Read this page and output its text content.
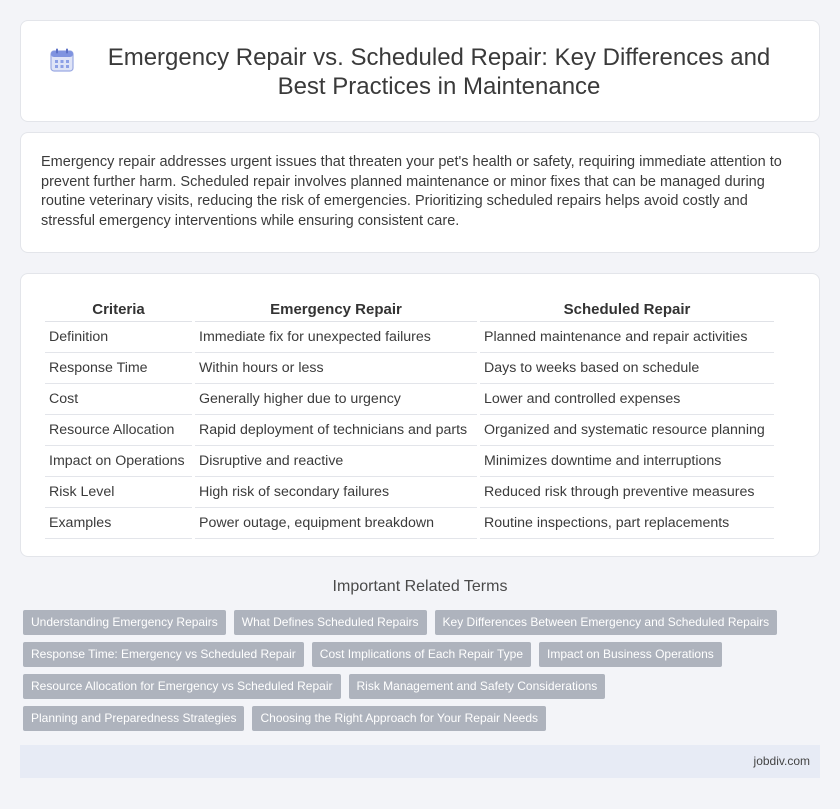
Emergency Repair vs. Scheduled Repair: Key Differences and Best Practices in Maintenance

Emergency repair addresses urgent issues that threaten your pet's health or safety, requiring immediate attention to prevent further harm. Scheduled repair involves planned maintenance or minor fixes that can be managed during routine veterinary visits, reducing the risk of emergencies. Prioritizing scheduled repairs helps avoid costly and stressful emergency interventions while ensuring consistent care.

Criteria	Emergency Repair	Scheduled Repair
Definition	Immediate fix for unexpected failures	Planned maintenance and repair activities
Response Time	Within hours or less	Days to weeks based on schedule
Cost	Generally higher due to urgency	Lower and controlled expenses
Resource Allocation	Rapid deployment of technicians and parts	Organized and systematic resource planning
Impact on Operations	Disruptive and reactive	Minimizes downtime and interruptions
Risk Level	High risk of secondary failures	Reduced risk through preventive measures
Examples	Power outage, equipment breakdown	Routine inspections, part replacements
Important Related Terms
Understanding Emergency Repairs	What Defines Scheduled Repairs	Key Differences Between Emergency and Scheduled Repairs
Response Time: Emergency vs Scheduled Repair	Cost Implications of Each Repair Type	Impact on Business Operations
Resource Allocation for Emergency vs Scheduled Repair	Risk Management and Safety Considerations
Planning and Preparedness Strategies	Choosing the Right Approach for Your Repair Needs
jobdiv.com
